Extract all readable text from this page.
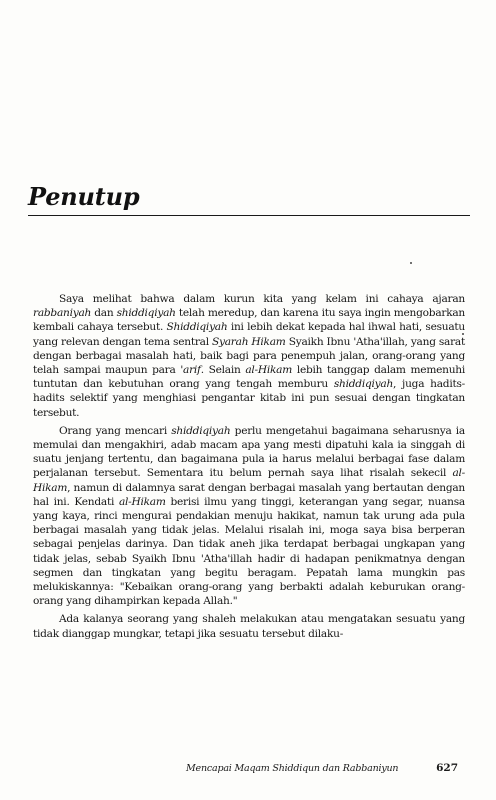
Penutup

Saya melihat bahwa dalam kurun kita yang kelam ini cahaya ajaran rabbaniyah dan shiddiqiyah telah meredup, dan karena itu saya ingin mengobarkan kembali cahaya tersebut. Shiddiqiyah ini lebih dekat kepada hal ihwal hati, sesuatu yang relevan dengan tema sentral Syarah Hikam Syaikh Ibnu 'Atha'illah, yang sarat dengan berbagai masalah hati, baik bagi para penempuh jalan, orang-orang yang telah sampai maupun para 'arif. Selain al-Hikam lebih tanggap dalam memenuhi tuntutan dan kebutuhan orang yang tengah memburu shiddiqiyah, juga hadits-hadits selektif yang menghiasi pengantar kitab ini pun sesuai dengan tingkatan tersebut.

Orang yang mencari shiddiqiyah perlu mengetahui bagaimana seharusnya ia memulai dan mengakhiri, adab macam apa yang mesti dipatuhi kala ia singgah di suatu jenjang tertentu, dan bagaimana pula ia harus melalui berbagai fase dalam perjalanan tersebut. Sementara itu belum pernah saya lihat risalah sekecil al-Hikam, namun di dalamnya sarat dengan berbagai masalah yang bertautan dengan hal ini. Kendati al-Hikam berisi ilmu yang tinggi, keterangan yang segar, nuansa yang kaya, rinci mengurai pendakian menuju hakikat, namun tak urung ada pula berbagai masalah yang tidak jelas. Melalui risalah ini, moga saya bisa berperan sebagai penjelas darinya. Dan tidak aneh jika terdapat berbagai ungkapan yang tidak jelas, sebab Syaikh Ibnu 'Atha'illah hadir di hadapan penikmatnya dengan segmen dan tingkatan yang begitu beragam. Pepatah lama mungkin pas melukiskannya: "Kebaikan orang-orang yang berbakti adalah keburukan orang-orang yang dihampirkan kepada Allah."

Ada kalanya seorang yang shaleh melakukan atau mengatakan sesuatu yang tidak dianggap mungkar, tetapi jika sesuatu tersebut dilaku-

Mencapai Maqam Shiddiqun dan Rabbaniyun	627
